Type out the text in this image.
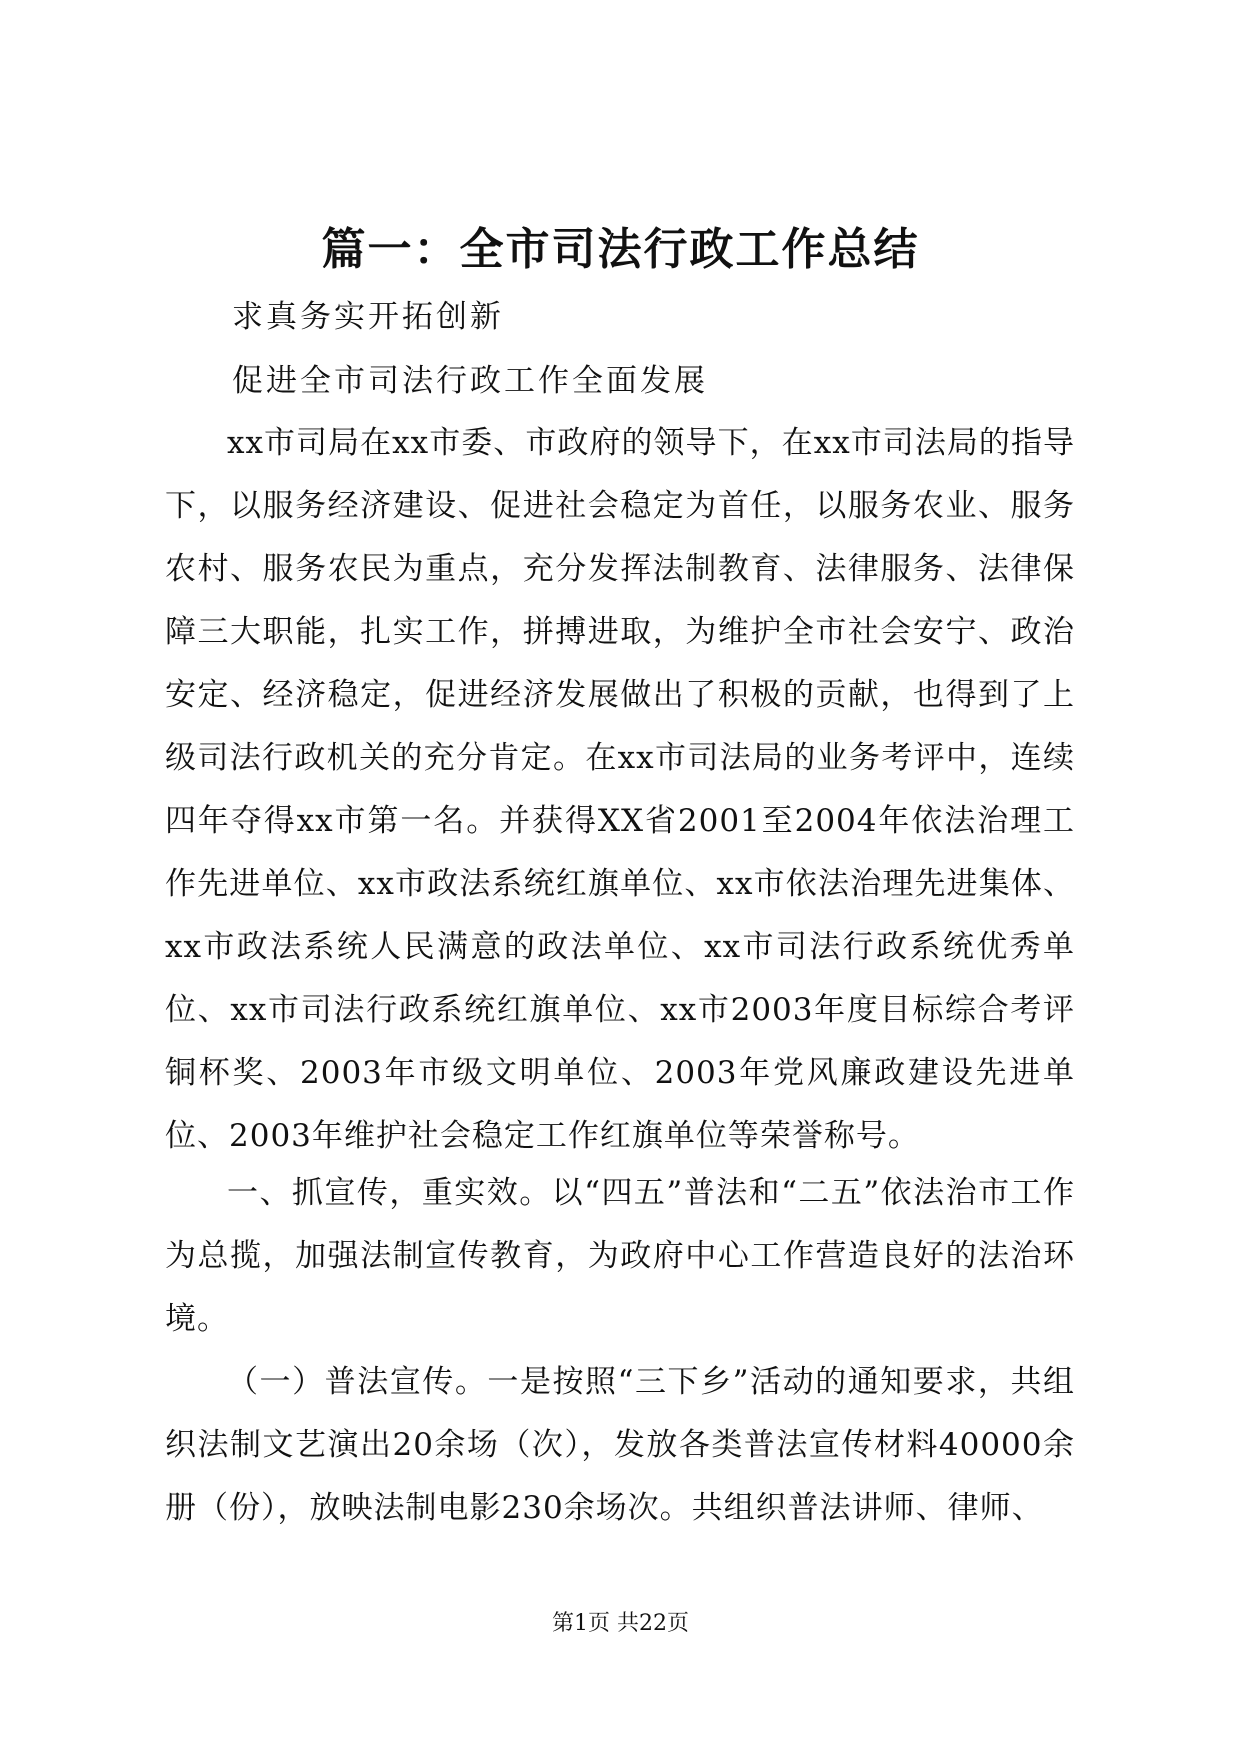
篇一：全市司法行政工作总结
求真务实开拓创新
促进全市司法行政工作全面发展

xx市司局在xx市委、市政府的领导下，在xx市司法局的指导下，以服务经济建设、促进社会稳定为首任，以服务农业、服务农村、服务农民为重点，充分发挥法制教育、法律服务、法律保障三大职能，扎实工作，拼搏进取，为维护全市社会安宁、政治安定、经济稳定，促进经济发展做出了积极的贡献，也得到了上级司法行政机关的充分肯定。在xx市司法局的业务考评中，连续四年夺得xx市第一名。并获得XX省2001至2004年依法治理工作先进单位、xx市政法系统红旗单位、xx市依法治理先进集体、xx市政法系统人民满意的政法单位、xx市司法行政系统优秀单位、xx市司法行政系统红旗单位、xx市2003年度目标综合考评铜杯奖、2003年市级文明单位、2003年党风廉政建设先进单位、2003年维护社会稳定工作红旗单位等荣誉称号。

一、抓宣传，重实效。以“四五”普法和“二五”依法治市工作为总揽，加强法制宣传教育，为政府中心工作营造良好的法治环境。

（一）普法宣传。一是按照“三下乡”活动的通知要求，共组织法制文艺演出20余场（次），发放各类普法宣传材料40000余册（份），放映法制电影230余场次。共组织普法讲师、律师、

第1页 共22页
